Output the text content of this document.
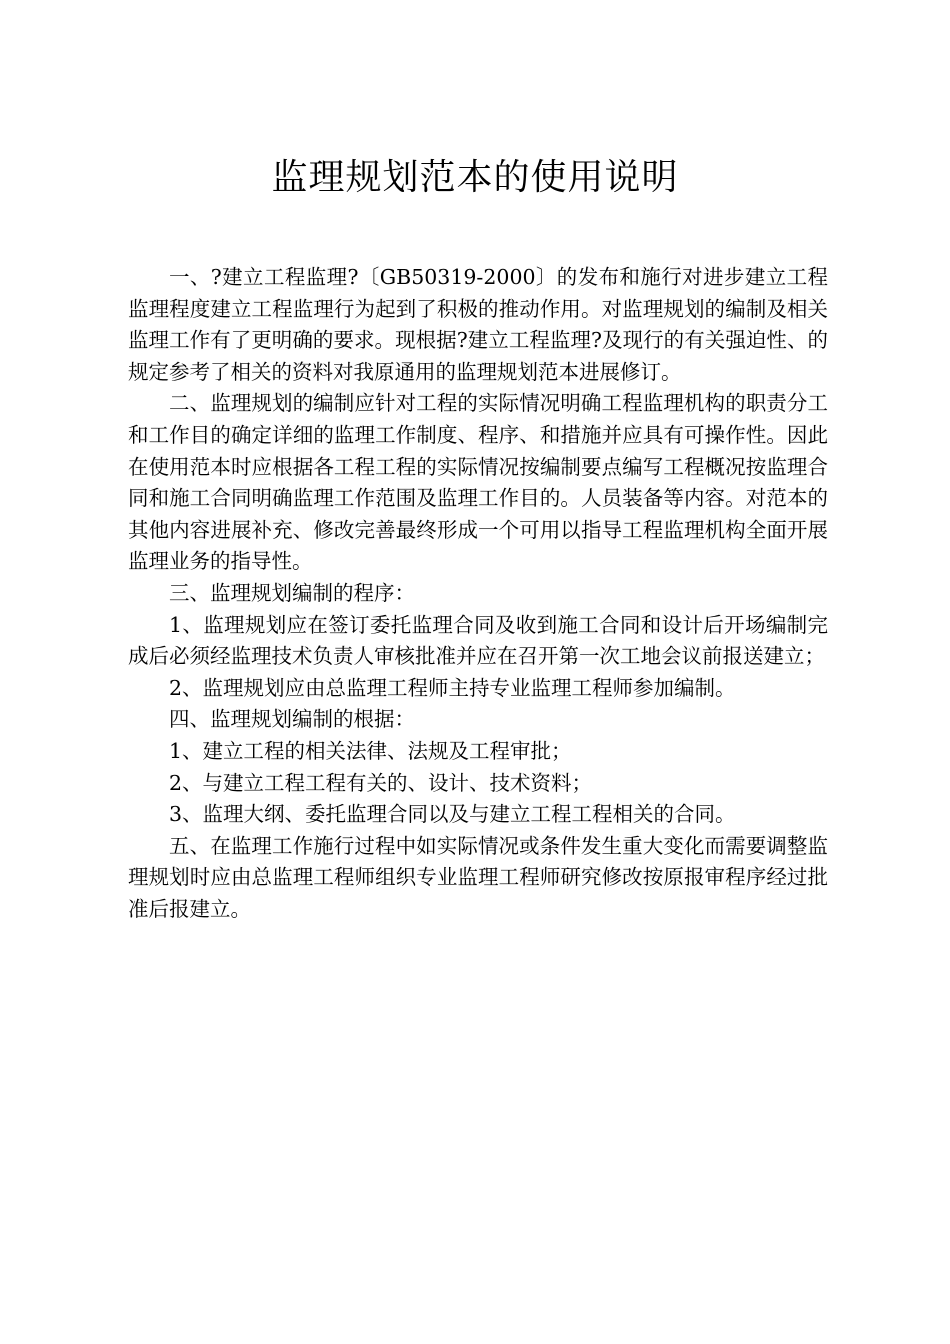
监理规划范本的使用说明

一、?建立工程监理?〔GB50319-2000〕的发布和施行对进步建立工程监理程度建立工程监理行为起到了积极的推动作用。对监理规划的编制及相关监理工作有了更明确的要求。现根据?建立工程监理?及现行的有关强迫性、的规定参考了相关的资料对我原通用的监理规划范本进展修订。

二、监理规划的编制应针对工程的实际情况明确工程监理机构的职责分工和工作目的确定详细的监理工作制度、程序、和措施并应具有可操作性。因此在使用范本时应根据各工程工程的实际情况按编制要点编写工程概况按监理合同和施工合同明确监理工作范围及监理工作目的。人员装备等内容。对范本的其他内容进展补充、修改完善最终形成一个可用以指导工程监理机构全面开展监理业务的指导性。

三、监理规划编制的程序：

1、监理规划应在签订委托监理合同及收到施工合同和设计后开场编制完成后必须经监理技术负责人审核批准并应在召开第一次工地会议前报送建立；

2、监理规划应由总监理工程师主持专业监理工程师参加编制。

四、监理规划编制的根据：

1、建立工程的相关法律、法规及工程审批；

2、与建立工程工程有关的、设计、技术资料；

3、监理大纲、委托监理合同以及与建立工程工程相关的合同。

五、在监理工作施行过程中如实际情况或条件发生重大变化而需要调整监理规划时应由总监理工程师组织专业监理工程师研究修改按原报审程序经过批准后报建立。
